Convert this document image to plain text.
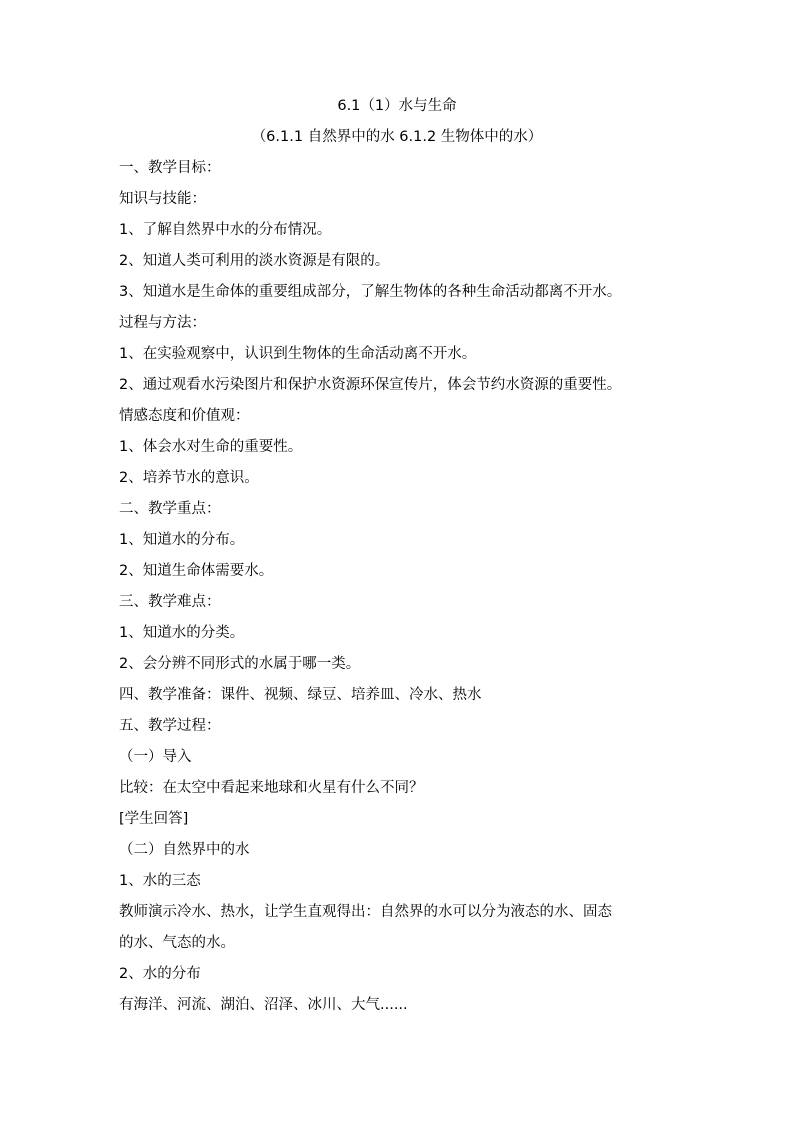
6.1（1）水与生命
（6.1.1 自然界中的水 6.1.2 生物体中的水）
一、教学目标：
知识与技能：
1、了解自然界中水的分布情况。
2、知道人类可利用的淡水资源是有限的。
3、知道水是生命体的重要组成部分，了解生物体的各种生命活动都离不开水。
过程与方法：
1、在实验观察中，认识到生物体的生命活动离不开水。
2、通过观看水污染图片和保护水资源环保宣传片，体会节约水资源的重要性。
情感态度和价值观：
1、体会水对生命的重要性。
2、培养节水的意识。
二、教学重点：
1、知道水的分布。
2、知道生命体需要水。
三、教学难点：
1、知道水的分类。
2、会分辨不同形式的水属于哪一类。
四、教学准备：课件、视频、绿豆、培养皿、冷水、热水
五、教学过程：
（一）导入
比较：在太空中看起来地球和火星有什么不同？
[学生回答]
（二）自然界中的水
1、水的三态
教师演示冷水、热水，让学生直观得出：自然界的水可以分为液态的水、固态
的水、气态的水。
2、水的分布
有海洋、河流、湖泊、沼泽、冰川、大气......
